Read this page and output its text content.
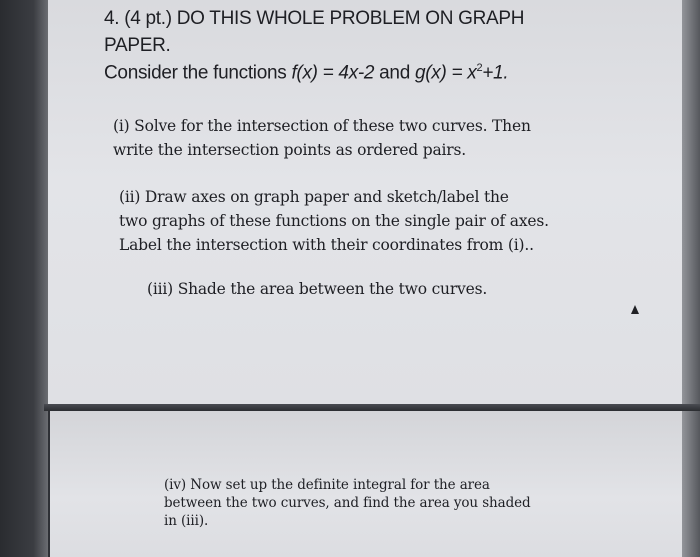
4. (4 pt.) DO THIS WHOLE PROBLEM ON GRAPH

PAPER.

Consider the functions f(x) = 4x-2 and $g(x) = x^2+1$.

(i) Solve for the intersection of these two curves. Then

write the intersection points as ordered pairs.

(ii) Draw axes on graph paper and sketch/label the

two graphs of these functions on the single pair of axes.

Label the intersection with their coordinates from (i)..

(iii) Shade the area between the two curves.

(iv) Now set up the definite integral for the area

between the two curves, and find the area you shaded

in (iii).
